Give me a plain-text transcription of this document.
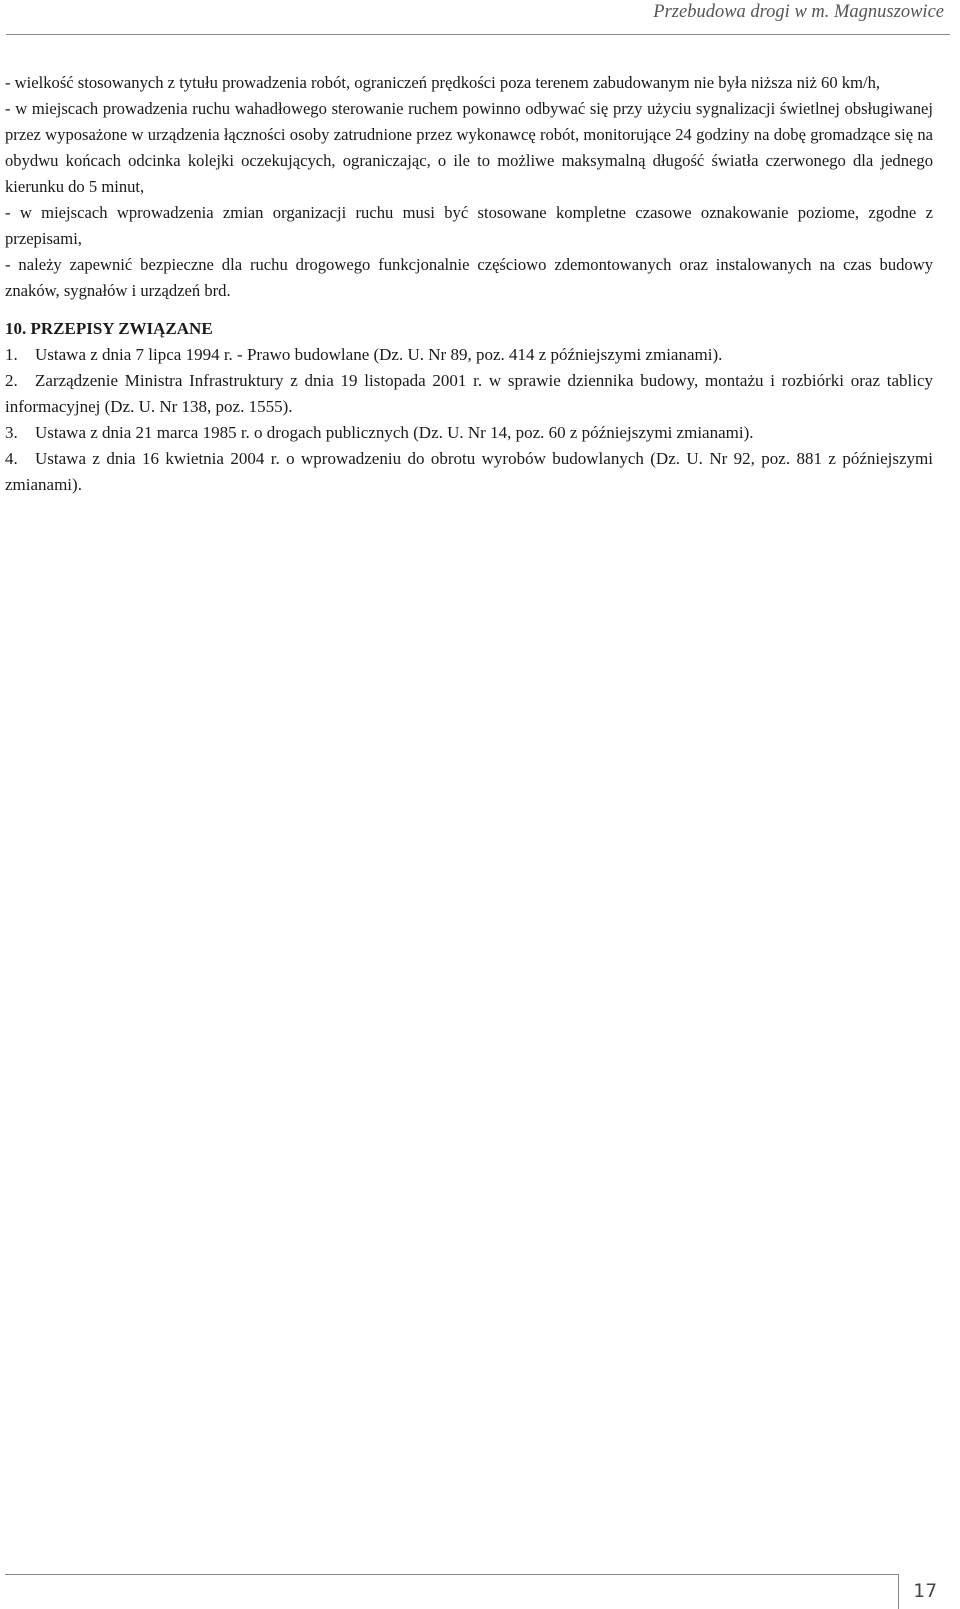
Przebudowa drogi w m. Magnuszowice

- wielkość stosowanych z tytułu prowadzenia robót, ograniczeń prędkości poza terenem zabudowanym nie była niższa niż 60 km/h,

- w miejscach prowadzenia ruchu wahadłowego sterowanie ruchem powinno odbywać się przy użyciu sygnalizacji świetlnej obsługiwanej przez wyposażone w urządzenia łączności osoby zatrudnione przez wykonawcę robót, monitorujące 24 godziny na dobę gromadzące się na obydwu końcach odcinka kolejki oczekujących, ograniczając, o ile to możliwe maksymalną długość światła czerwonego dla jednego kierunku do 5 minut,

- w miejscach wprowadzenia zmian organizacji ruchu musi być stosowane kompletne czasowe oznakowanie poziome, zgodne z przepisami,

- należy zapewnić bezpieczne dla ruchu drogowego funkcjonalnie częściowo zdemontowanych oraz instalowanych na czas budowy znaków, sygnałów i urządzeń brd.

10. PRZEPISY ZWIĄZANE

1. Ustawa z dnia 7 lipca 1994 r. - Prawo budowlane (Dz. U. Nr 89, poz. 414 z późniejszymi zmianami).

2. Zarządzenie Ministra Infrastruktury z dnia 19 listopada 2001 r. w sprawie dziennika budowy, montażu i rozbiórki oraz tablicy informacyjnej (Dz. U. Nr 138, poz. 1555).

3. Ustawa z dnia 21 marca 1985 r. o drogach publicznych (Dz. U. Nr 14, poz. 60 z późniejszymi zmianami).

4. Ustawa z dnia 16 kwietnia 2004 r. o wprowadzeniu do obrotu wyrobów budowlanych (Dz. U. Nr 92, poz. 881 z późniejszymi zmianami).

17
